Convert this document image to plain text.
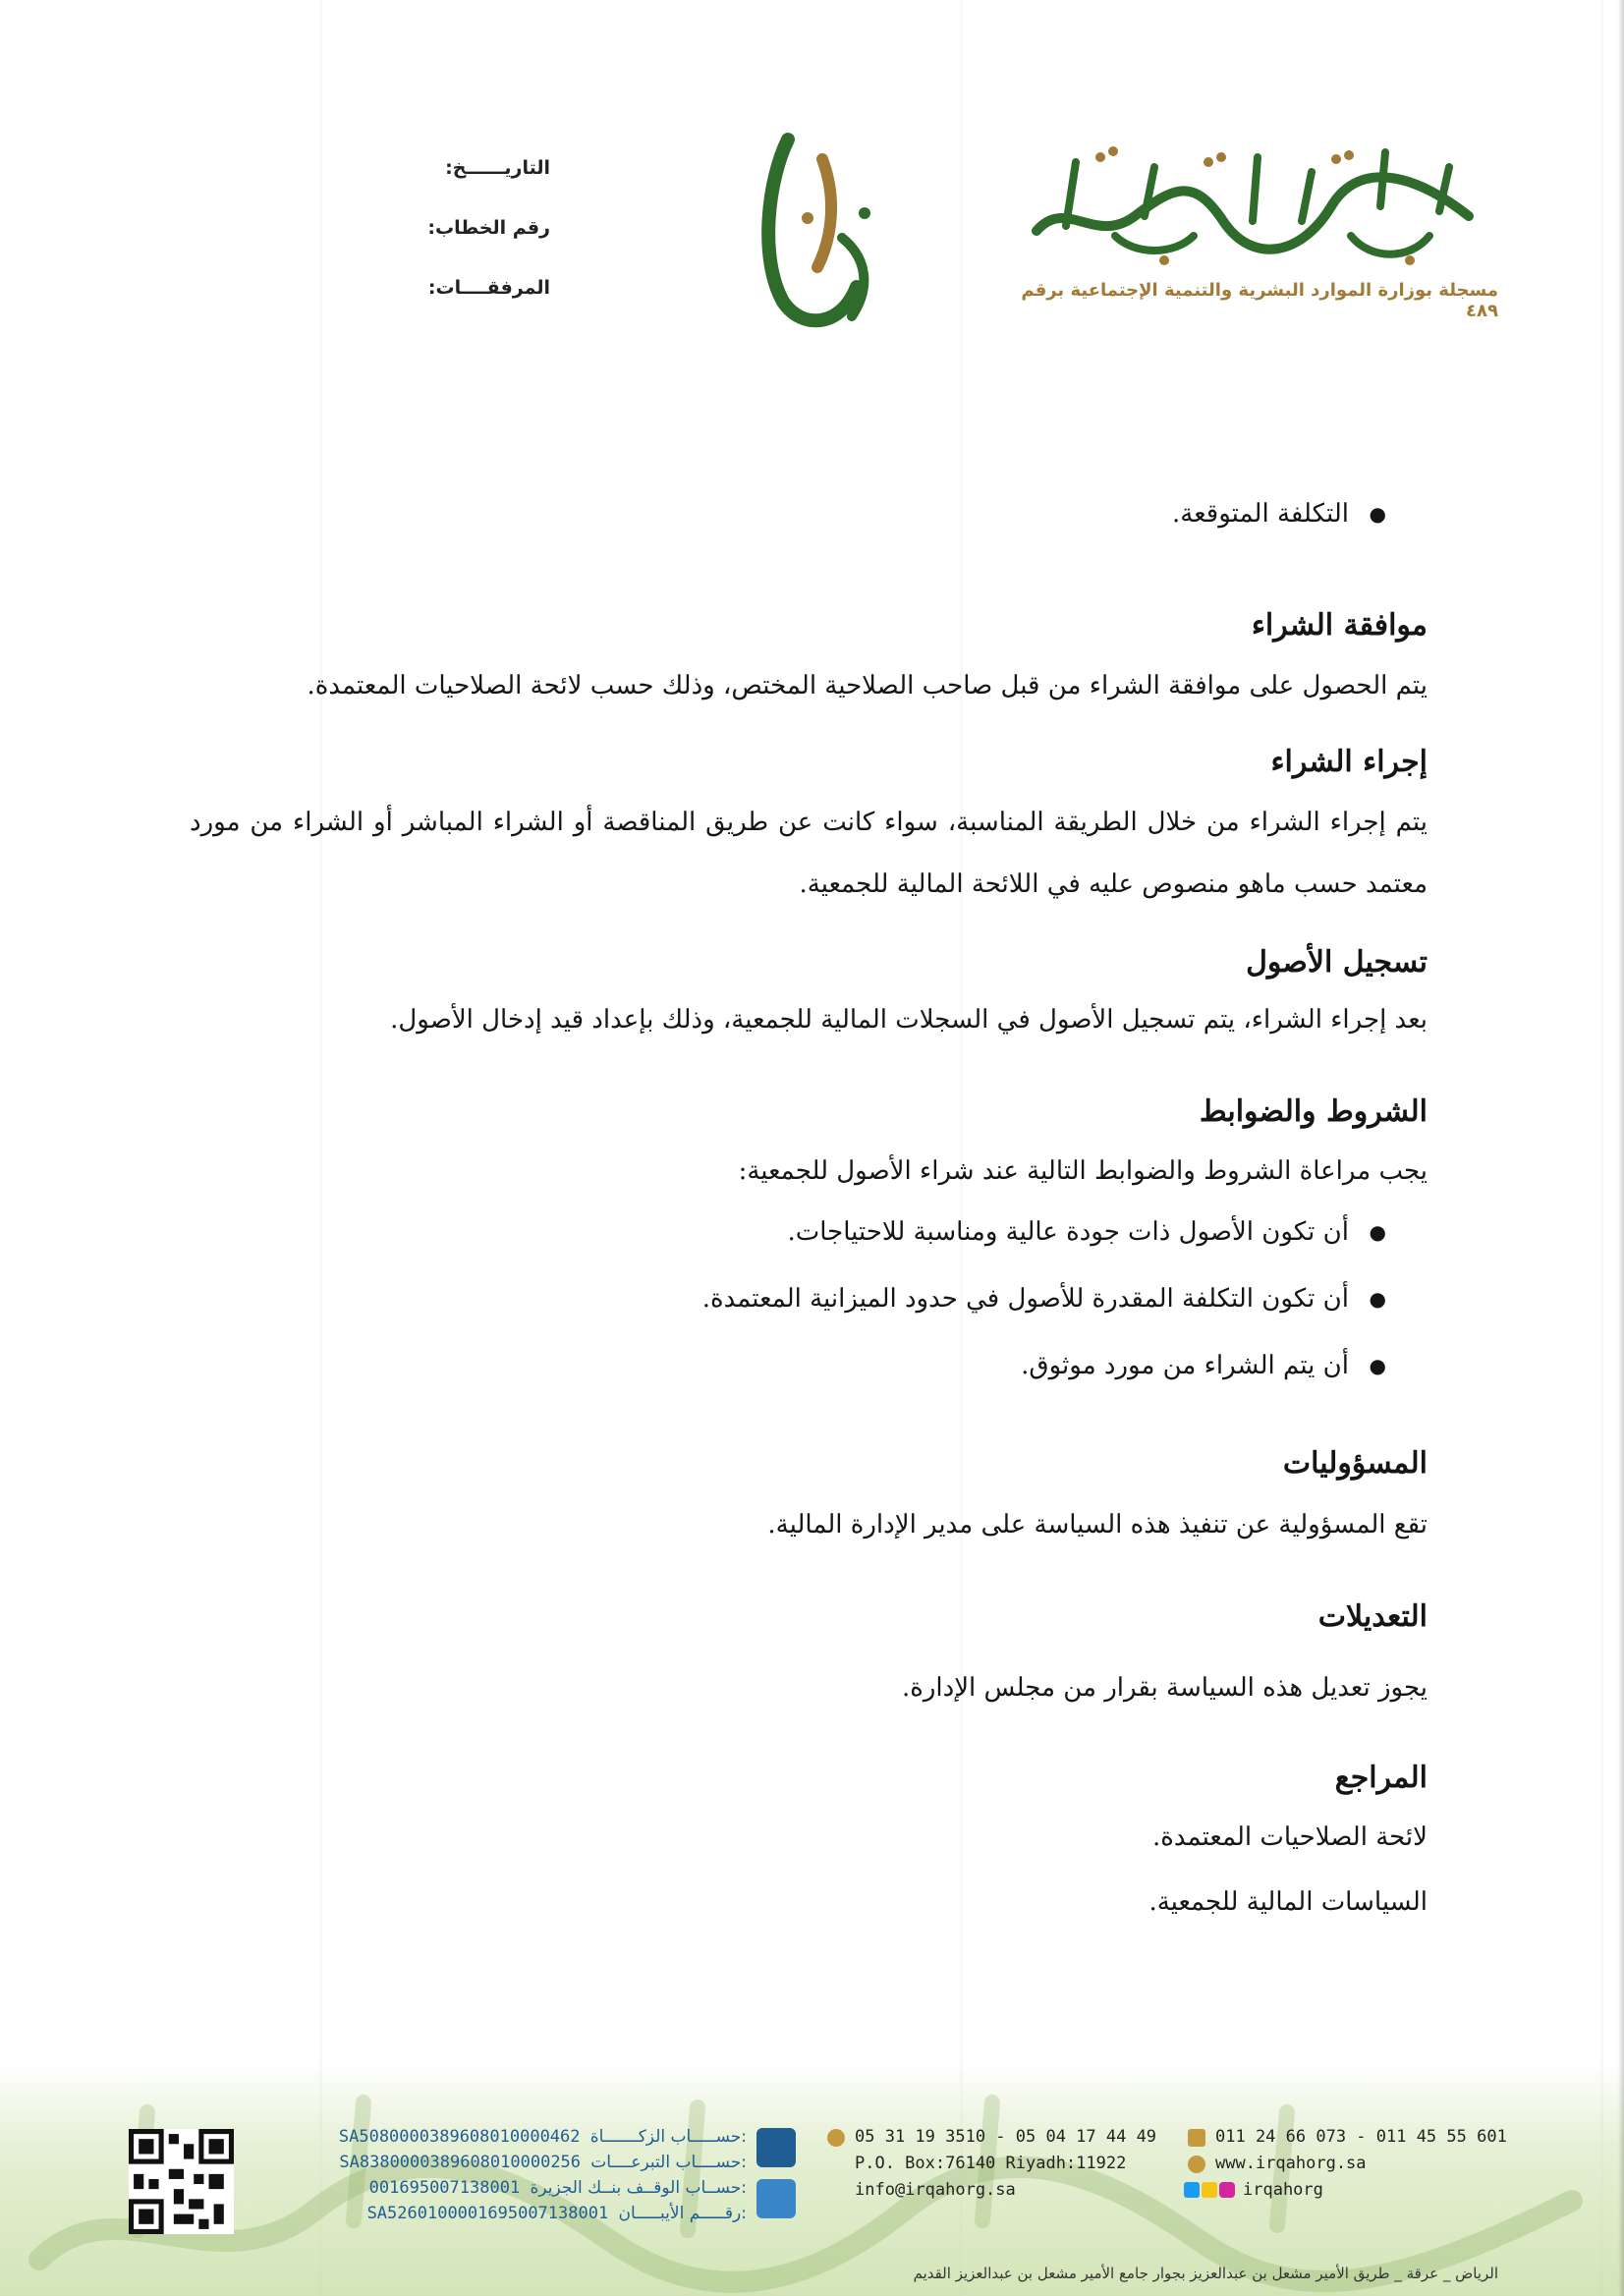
مسجلة بوزارة الموارد البشرية والتنمية الإجتماعية برقم ٤٨٩
التاريــــــخ:
رقم الخطاب:
المرفقــــات:
●
التكلفة المتوقعة.
موافقة الشراء
يتم الحصول على موافقة الشراء من قبل صاحب الصلاحية المختص، وذلك حسب لائحة الصلاحيات المعتمدة.
إجراء الشراء
يتم إجراء الشراء من خلال الطريقة المناسبة، سواء كانت عن طريق المناقصة أو الشراء المباشر أو الشراء من مورد معتمد حسب ماهو منصوص عليه في اللائحة المالية للجمعية.
تسجيل الأصول
بعد إجراء الشراء، يتم تسجيل الأصول في السجلات المالية للجمعية، وذلك بإعداد قيد إدخال الأصول.
الشروط والضوابط
يجب مراعاة الشروط والضوابط التالية عند شراء الأصول للجمعية:
●
أن تكون الأصول ذات جودة عالية ومناسبة للاحتياجات.
●
أن تكون التكلفة المقدرة للأصول في حدود الميزانية المعتمدة.
●
أن يتم الشراء من مورد موثوق.
المسؤوليات
تقع المسؤولية عن تنفيذ هذه السياسة على مدير الإدارة المالية.
التعديلات
يجوز تعديل هذه السياسة بقرار من مجلس الإدارة.
المراجع
لائحة الصلاحيات المعتمدة.
السياسات المالية للجمعية.
SA5080000389608010000462 حســـــاب الزكـــــــاة:
SA8380000389608010000256 حســــاب التبرعــــات:
001695007138001 حســاب الوقــف بنــك الجزيرة:
SA5260100001695007138001 رقـــــم الأيبـــــان:
05 31 19 3510 - 05 04 17 44 49
P.O. Box:76140 Riyadh:11922
info@irqahorg.sa
011 24 66 073 - 011 45 55 601
www.irqahorg.sa
irqahorg
الرياض _ عرقة _ طريق الأمير مشعل بن عبدالعزيز بجوار جامع الأمير مشعل بن عبدالعزيز القديم
